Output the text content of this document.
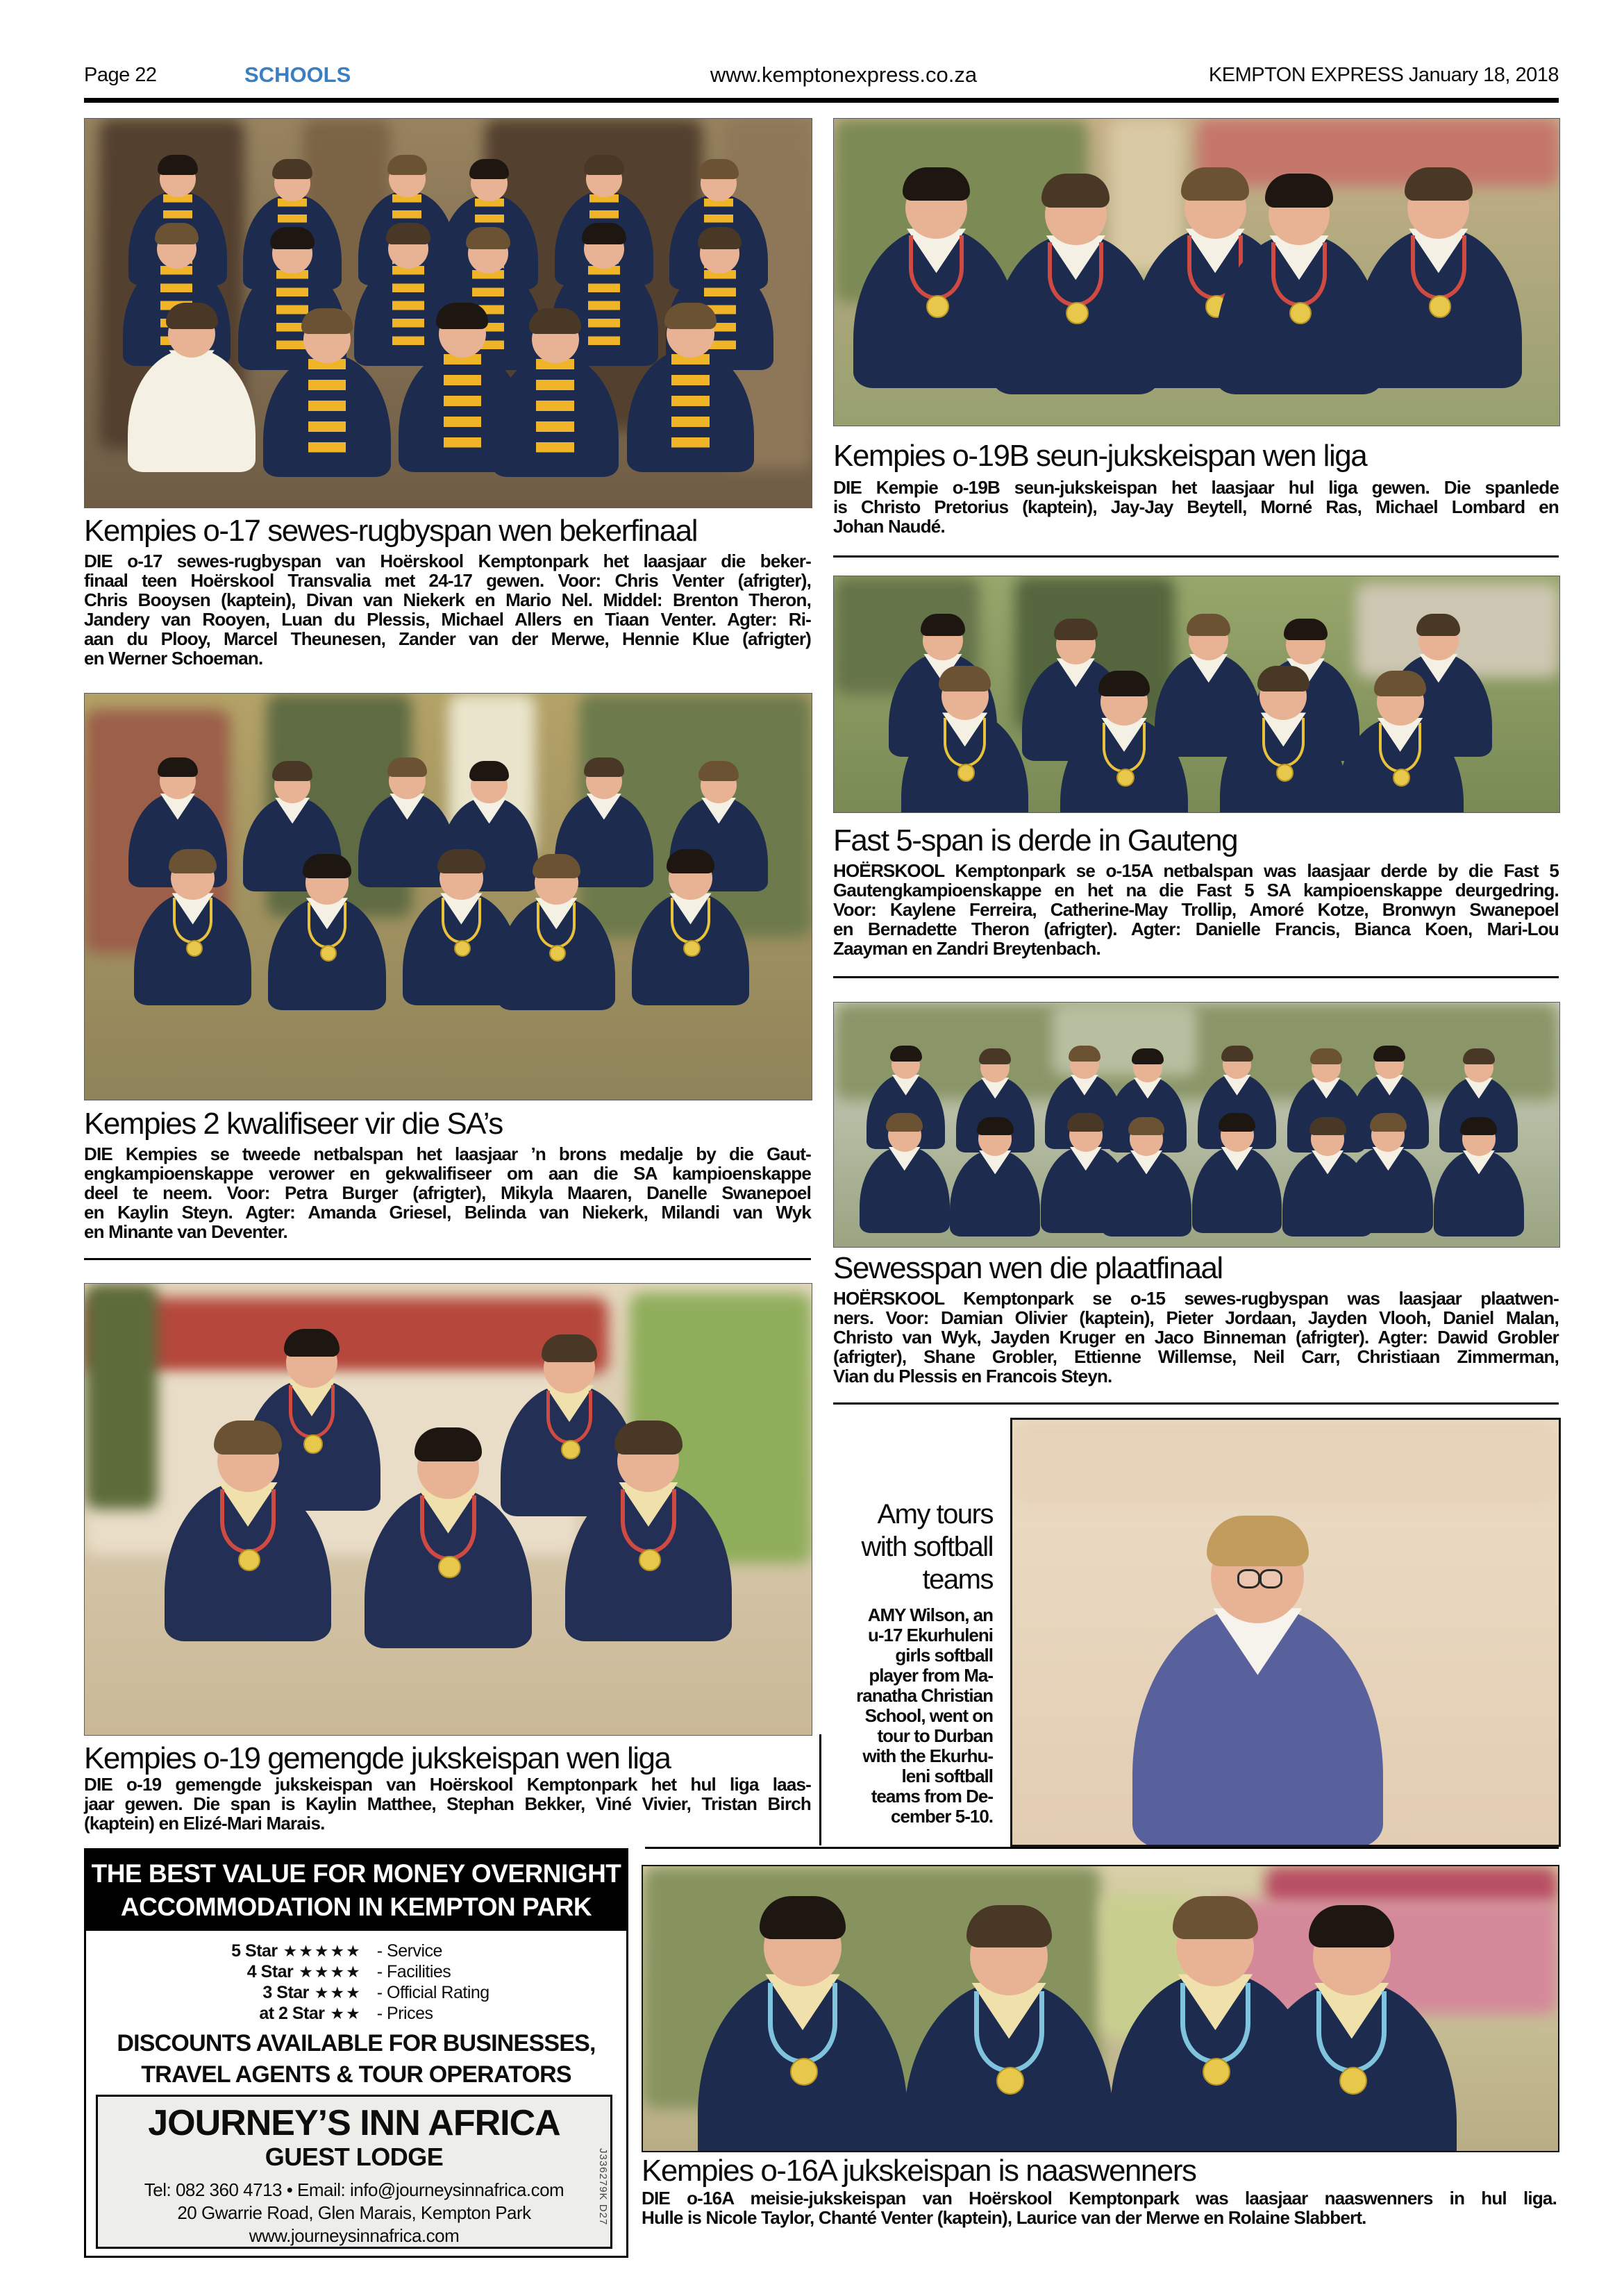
Page 22	SCHOOLS	www.kemptonexpress.co.za	KEMPTON EXPRESS January 18, 2018
Kempies o-17 sewes-rugbyspan wen bekerfinaal
DIE o-17 sewes-rugbyspan van Hoërskool Kemptonpark het laasjaar die beker-
finaal teen Hoërskool Transvalia met 24-17 gewen. Voor: Chris Venter (afrigter),
Chris Booysen (kaptein), Divan van Niekerk en Mario Nel. Middel: Brenton Theron,
Jandery van Rooyen, Luan du Plessis, Michael Allers en Tiaan Venter. Agter: Ri-
aan du Plooy, Marcel Theunesen, Zander van der Merwe, Hennie Klue (afrigter)
en Werner Schoeman.
Kempies 2 kwalifiseer vir die SA’s
DIE Kempies se tweede netbalspan het laasjaar ’n brons medalje by die Gaut-
engkampioenskappe verower en gekwalifiseer om aan die SA kampioenskappe
deel te neem. Voor: Petra Burger (afrigter), Mikyla Maaren, Danelle Swanepoel
en Kaylin Steyn. Agter: Amanda Griesel, Belinda van Niekerk, Milandi van Wyk
en Minante van Deventer.
Kempies o-19 gemengde jukskeispan wen liga
DIE o-19 gemengde jukskeispan van Hoërskool Kemptonpark het hul liga laas-
jaar gewen. Die span is Kaylin Matthee, Stephan Bekker, Viné Vivier, Tristan Birch
(kaptein) en Elizé-Mari Marais.
THE BEST VALUE FOR MONEY OVERNIGHT
ACCOMMODATION IN KEMPTON PARK
5 Star ★★★★★ - Service
4 Star ★★★★ - Facilities
3 Star ★★★ - Official Rating
at 2 Star ★★ - Prices
DISCOUNTS AVAILABLE FOR BUSINESSES,
TRAVEL AGENTS & TOUR OPERATORS
JOURNEY’S INN AFRICA
GUEST LODGE
Tel: 082 360 4713 • Email: info@journeysinnafrica.com
20 Gwarrie Road, Glen Marais, Kempton Park
www.journeysinnafrica.com
J336279K D27
Kempies o-19B seun-jukskeispan wen liga
DIE Kempie o-19B seun-jukskeispan het laasjaar hul liga gewen. Die spanlede
is Christo Pretorius (kaptein), Jay-Jay Beytell, Morné Ras, Michael Lombard en
Johan Naudé.
Fast 5-span is derde in Gauteng
HOËRSKOOL Kemptonpark se o-15A netbalspan was laasjaar derde by die Fast 5
Gautengkampioenskappe en het na die Fast 5 SA kampioenskappe deurgedring.
Voor: Kaylene Ferreira, Catherine-May Trollip, Amoré Kotze, Bronwyn Swanepoel
en Bernadette Theron (afrigter). Agter: Danielle Francis, Bianca Koen, Mari-Lou
Zaayman en Zandri Breytenbach.
Sewesspan wen die plaatfinaal
HOËRSKOOL Kemptonpark se o-15 sewes-rugbyspan was laasjaar plaatwen-
ners. Voor: Damian Olivier (kaptein), Pieter Jordaan, Jayden Vlooh, Daniel Malan,
Christo van Wyk, Jayden Kruger en Jaco Binneman (afrigter). Agter: Dawid Grobler
(afrigter), Shane Grobler, Ettienne Willemse, Neil Carr, Christiaan Zimmerman,
Vian du Plessis en Francois Steyn.
Amy tours
with softball
teams
AMY Wilson, an
u-17 Ekurhuleni
girls softball
player from Ma-
ranatha Christian
School, went on
tour to Durban
with the Ekurhu-
leni softball
teams from De-
cember 5-10.
Kempies o-16A jukskeispan is naaswenners
DIE o-16A meisie-jukskeispan van Hoërskool Kemptonpark was laasjaar naaswenners in hul liga.
Hulle is Nicole Taylor, Chanté Venter (kaptein), Laurice van der Merwe en Rolaine Slabbert.
